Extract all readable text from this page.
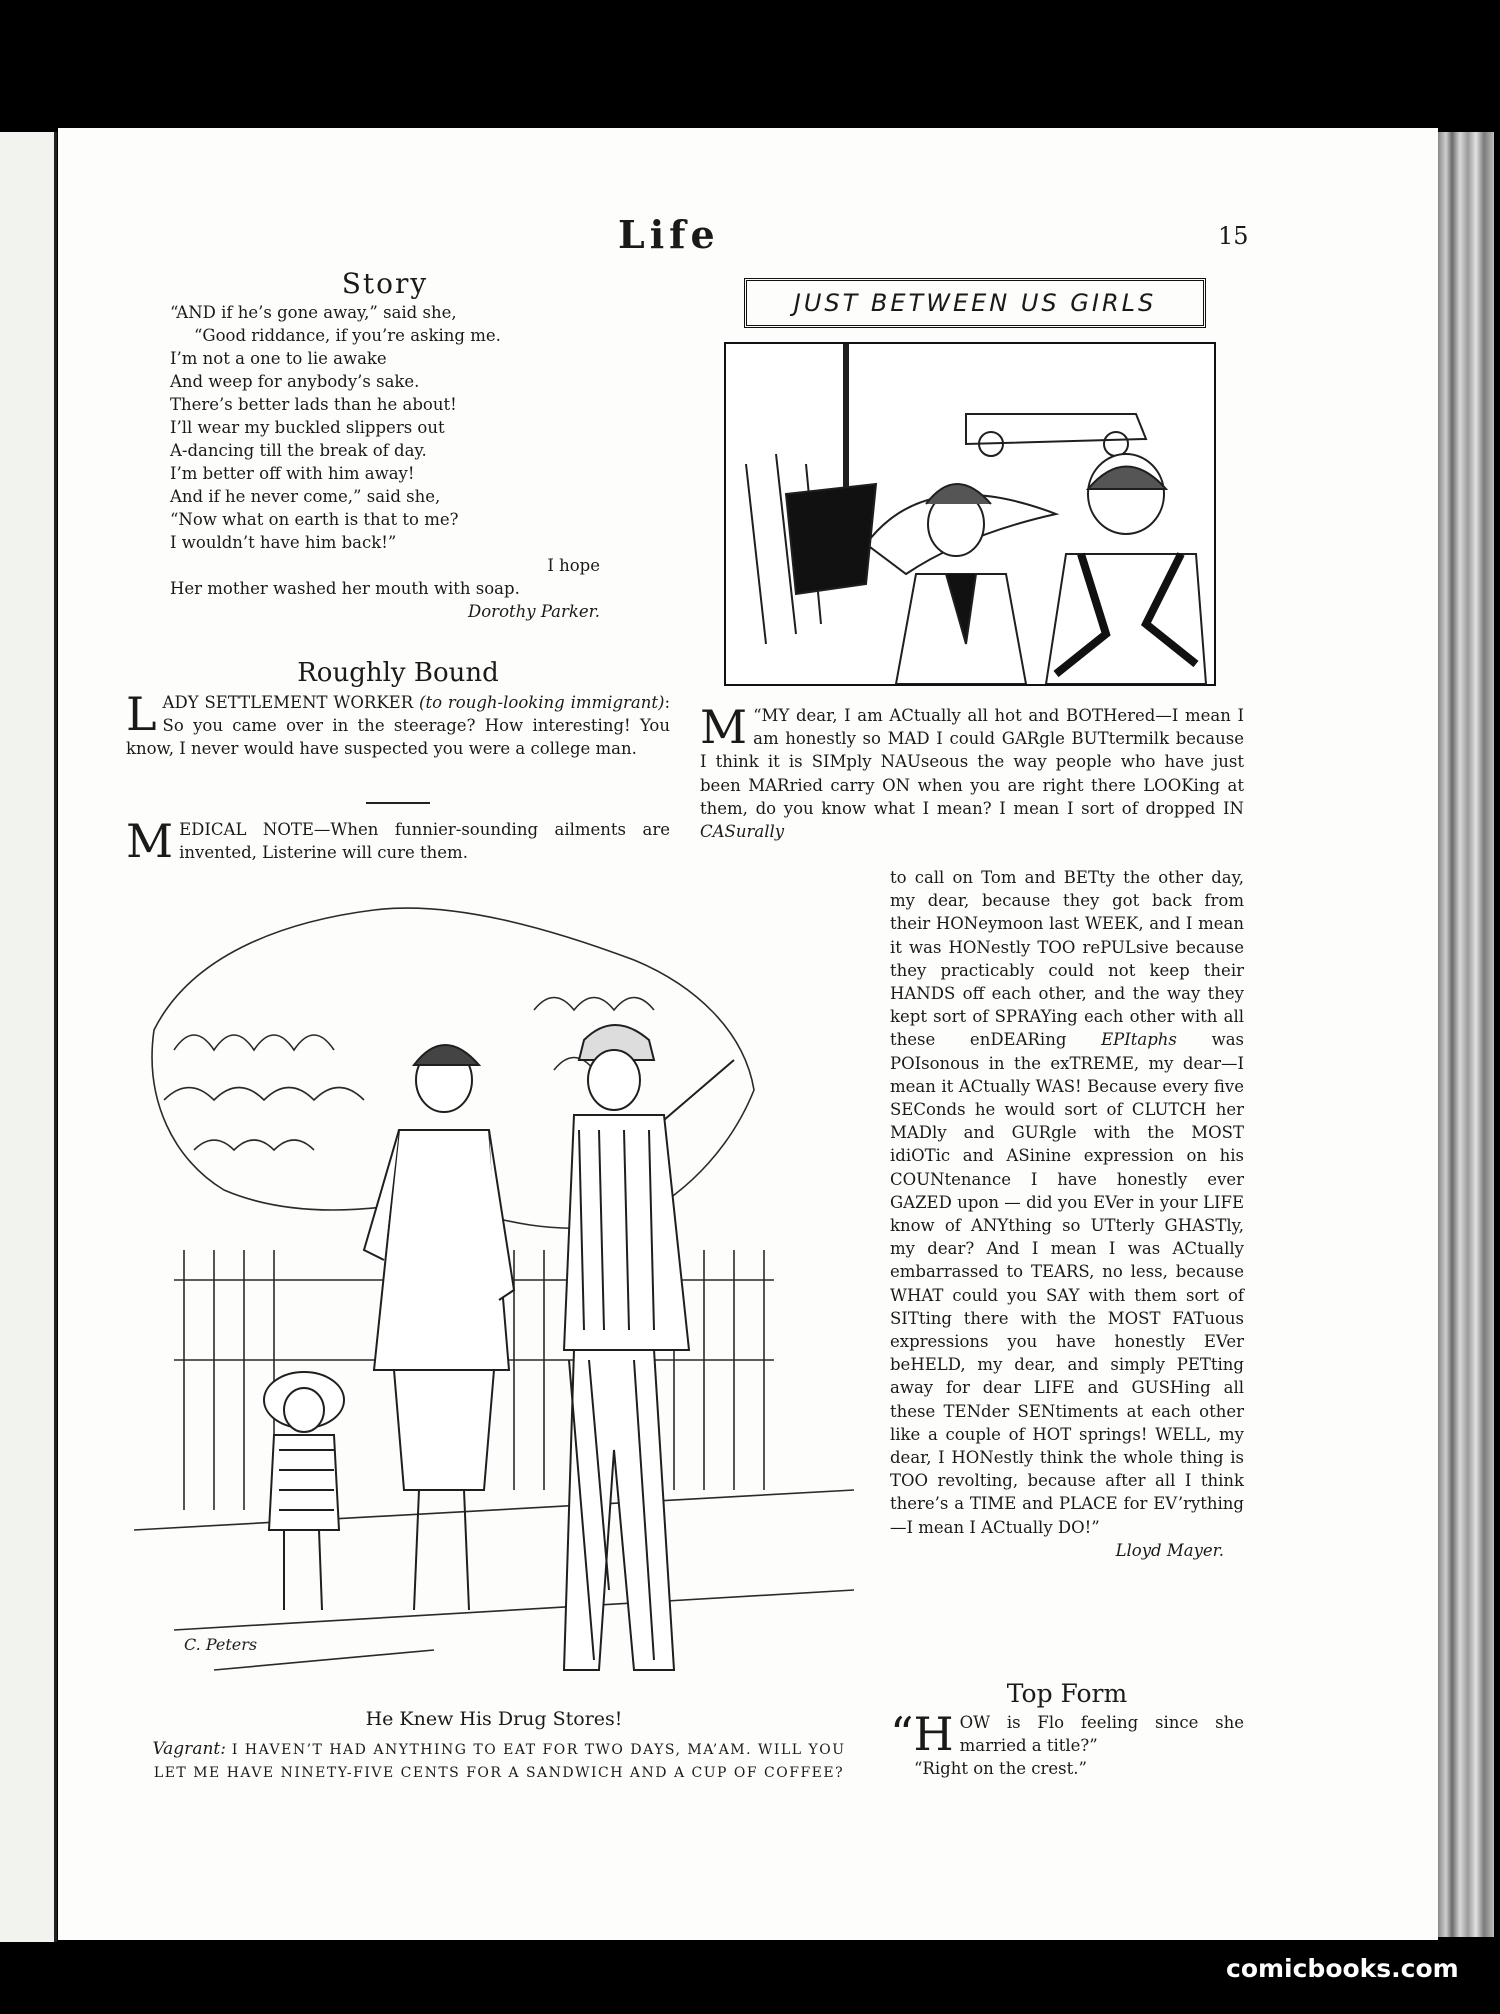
Life	15
Story

“AND if he’s gone away,” said she,

“Good riddance, if you’re asking me.

I’m not a one to lie awake

And weep for anybody’s sake.

There’s better lads than he about!

I’ll wear my buckled slippers out

A-dancing till the break of day.

I’m better off with him away!

And if he never come,” said she,

“Now what on earth is that to me?

I wouldn’t have him back!”

I hope

Her mother washed her mouth with soap.

Dorothy Parker.

Roughly Bound
L ADY SETTLEMENT WORKER (to rough-looking immigrant): So you came over in the steerage? How interesting! You know, I never would have suspected you were a college man.
MEDICAL NOTE—When funnier-sounding ailments are invented, Listerine will cure them.
C. Peters
He Knew His Drug Stores!
Vagrant: I HAVEN’T HAD ANYTHING TO EAT FOR TWO DAYS, MA’AM. WILL YOU LET ME HAVE NINETY-FIVE CENTS FOR A SANDWICH AND A CUP OF COFFEE?
JUST BETWEEN US GIRLS
M “MY dear, I am ACtually all hot and BOTHered—I mean I am honestly so MAD I could GARgle BUTtermilk because I think it is SIMply NAUseous the way people who have just been MARried carry ON when you are right there LOOKing at them, do you know what I mean? I mean I sort of dropped IN CASurally
to call on Tom and BETty the other day, my dear, because they got back from their HONeymoon last WEEK, and I mean it was HONestly TOO rePULsive because they practicably could not keep their HANDS off each other, and the way they kept sort of SPRAYing each other with all these enDEARing EPItaphs was POIsonous in the exTREME, my dear—I mean it ACtually WAS! Because every five SEConds he would sort of CLUTCH her MADly and GURgle with the MOST idiOTic and ASinine expression on his COUNtenance I have honestly ever GAZED upon — did you EVer in your LIFE know of ANYthing so UTterly GHASTly, my dear? And I mean I was ACtually embarrassed to TEARS, no less, because WHAT could you SAY with them sort of SITting there with the MOST FATuous expressions you have honestly EVer beHELD, my dear, and simply PETting away for dear LIFE and GUSHing all these TENder SENtiments at each other like a couple of HOT springs! WELL, my dear, I HONestly think the whole thing is TOO revolting, because after all I think there’s a TIME and PLACE for EV’rything —I mean I ACtually DO!”
Lloyd Mayer.
Top Form
“H OW is Flo feeling since she married a title?”
“Right on the crest.”
comicbooks.com
